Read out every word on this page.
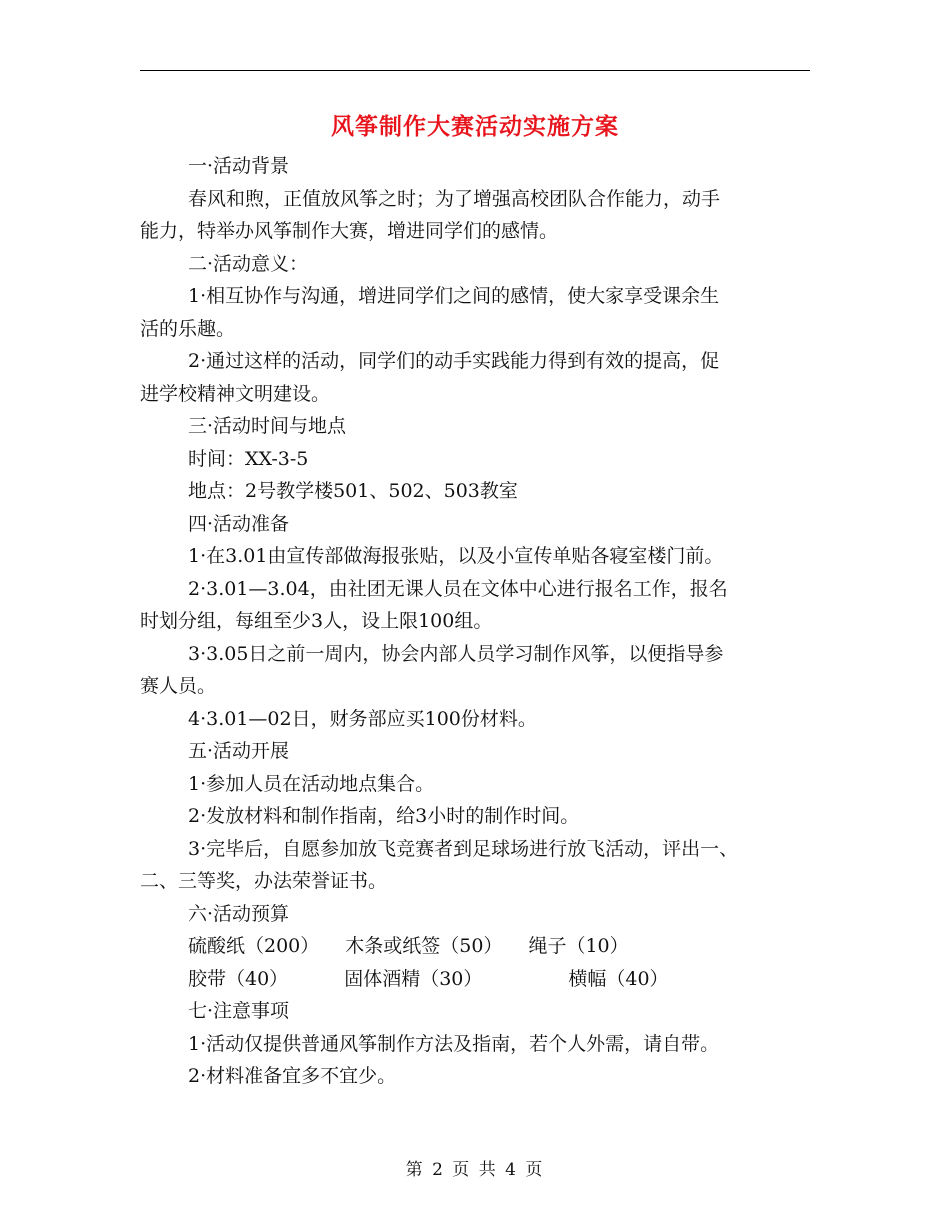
风筝制作大赛活动实施方案

一·活动背景

春风和煦，正值放风筝之时；为了增强高校团队合作能力，动手

能力，特举办风筝制作大赛，增进同学们的感情。

二·活动意义：

1·相互协作与沟通，增进同学们之间的感情，使大家享受课余生

活的乐趣。

2·通过这样的活动，同学们的动手实践能力得到有效的提高，促

进学校精神文明建设。

三·活动时间与地点

时间：XX-3-5

地点：2号教学楼501、502、503教室

四·活动准备

1·在3.01由宣传部做海报张贴，以及小宣传单贴各寝室楼门前。

2·3.01—3.04，由社团无课人员在文体中心进行报名工作，报名

时划分组，每组至少3人，设上限100组。

3·3.05日之前一周内，协会内部人员学习制作风筝，以便指导参

赛人员。

4·3.01—02日，财务部应买100份材料。

五·活动开展

1·参加人员在活动地点集合。

2·发放材料和制作指南，给3小时的制作时间。

3·完毕后，自愿参加放飞竞赛者到足球场进行放飞活动，评出一、

二、三等奖，办法荣誉证书。

六·活动预算

硫酸纸（200） 木条或纸签（50） 绳子（10）

胶带（40）	固体酒精（30）	横幅（40）

七·注意事项

1·活动仅提供普通风筝制作方法及指南，若个人外需，请自带。

2·材料准备宜多不宜少。

第 2 页 共 4 页
